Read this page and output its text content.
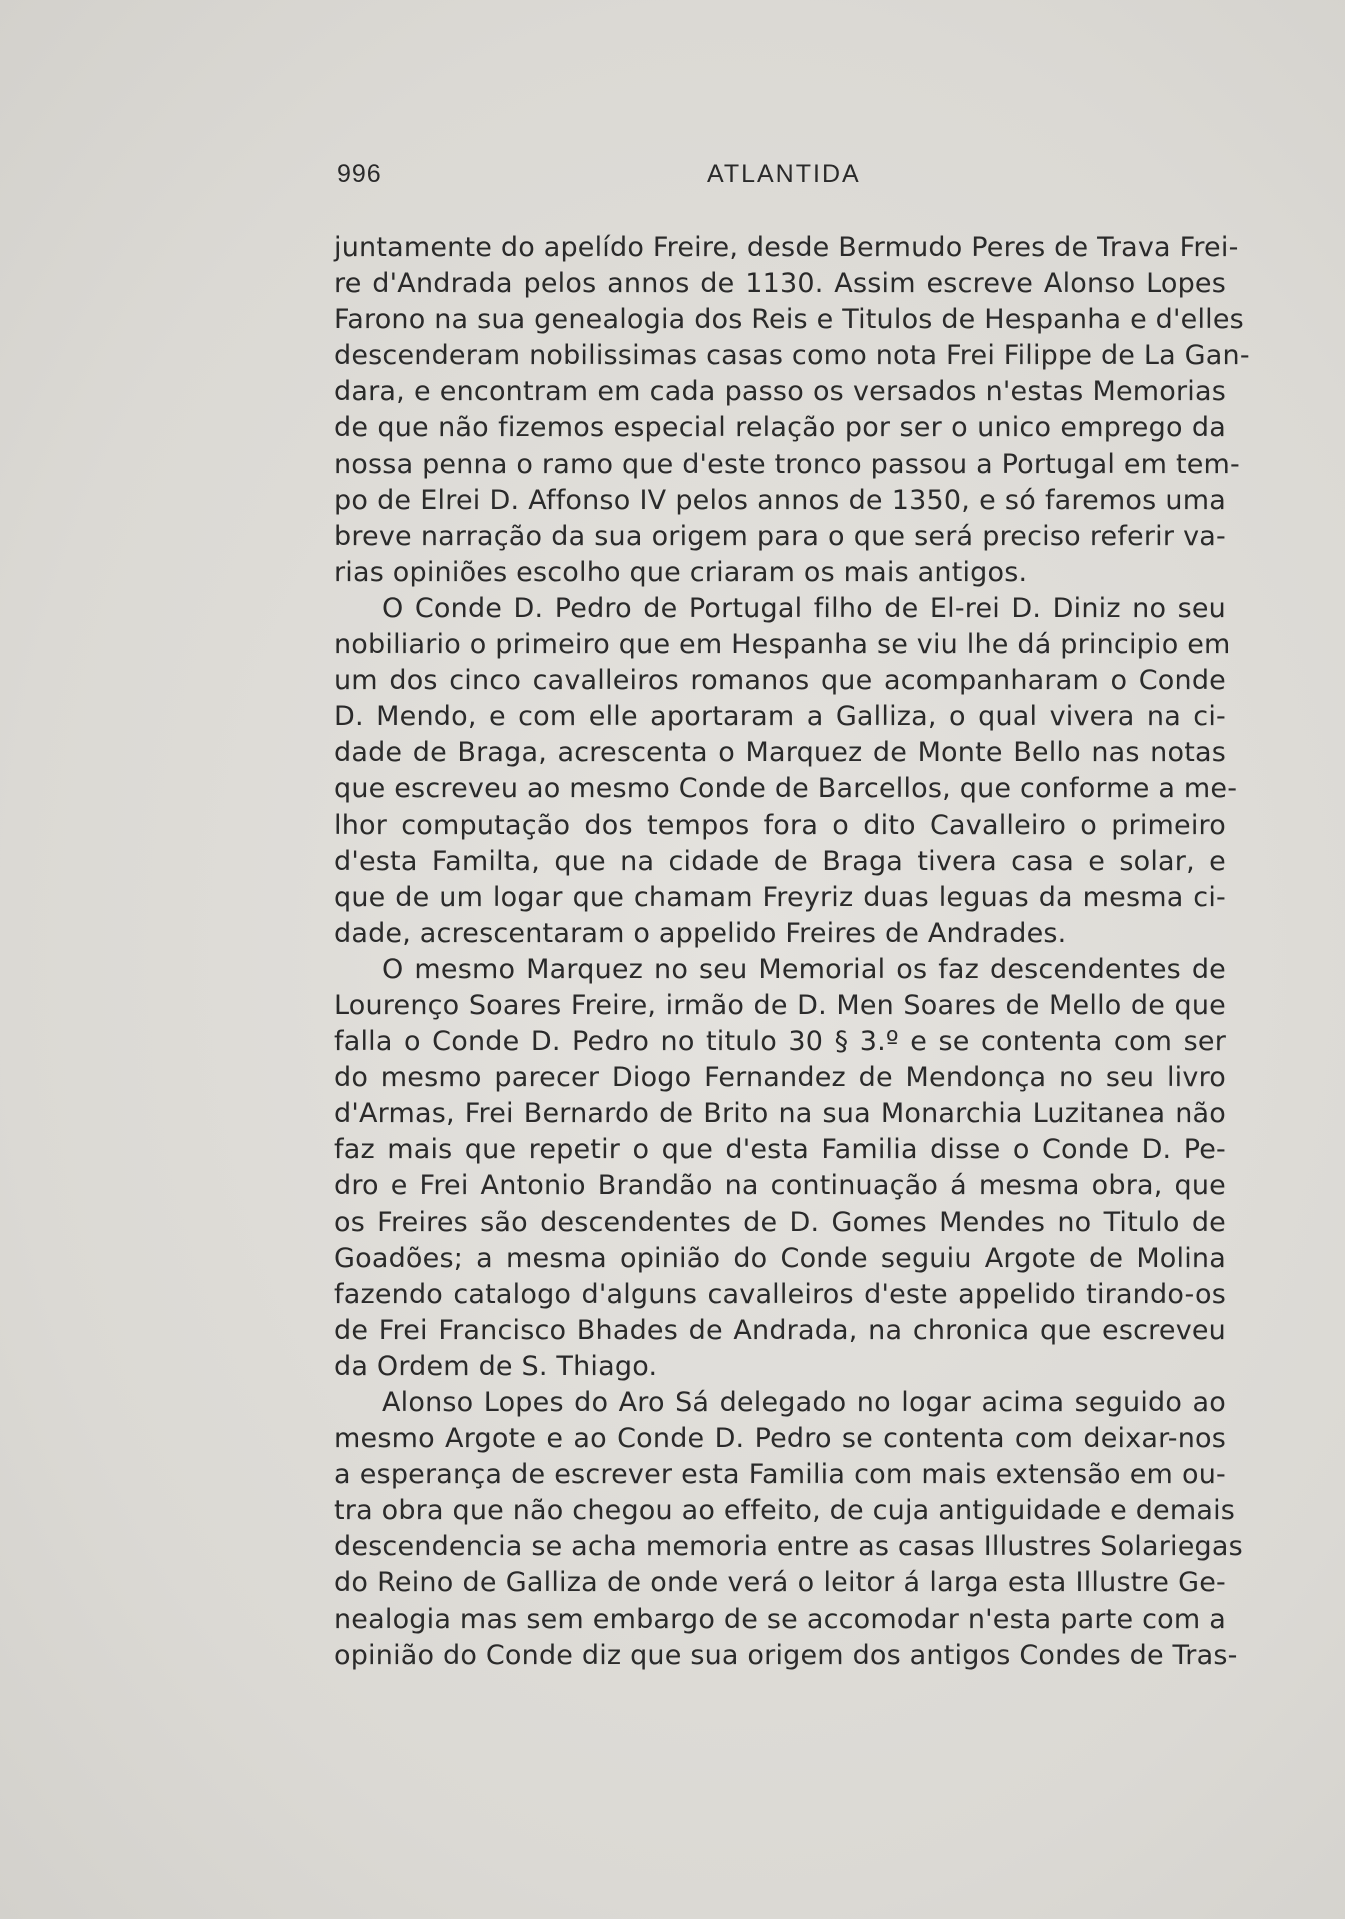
996	ATLANTIDA
juntamente do apelído Freire, desde Bermudo Peres de Trava Frei-
re d'Andrada pelos annos de 1130. Assim escreve Alonso Lopes
Farono na sua genealogia dos Reis e Titulos de Hespanha e d'elles
descenderam nobilissimas casas como nota Frei Filippe de La Gan-
dara, e encontram em cada passo os versados n'estas Memorias
de que não fizemos especial relação por ser o unico emprego da
nossa penna o ramo que d'este tronco passou a Portugal em tem-
po de Elrei D. Affonso IV pelos annos de 1350, e só faremos uma
breve narração da sua origem para o que será preciso referir va-
rias opiniões escolho que criaram os mais antigos.
O Conde D. Pedro de Portugal filho de El-rei D. Diniz no seu
nobiliario o primeiro que em Hespanha se viu lhe dá principio em
um dos cinco cavalleiros romanos que acompanharam o Conde
D. Mendo, e com elle aportaram a Galliza, o qual vivera na ci-
dade de Braga, acrescenta o Marquez de Monte Bello nas notas
que escreveu ao mesmo Conde de Barcellos, que conforme a me-
lhor computação dos tempos fora o dito Cavalleiro o primeiro
d'esta Familta, que na cidade de Braga tivera casa e solar, e
que de um logar que chamam Freyriz duas leguas da mesma ci-
dade, acrescentaram o appelido Freires de Andrades.
O mesmo Marquez no seu Memorial os faz descendentes de
Lourenço Soares Freire, irmão de D. Men Soares de Mello de que
falla o Conde D. Pedro no titulo 30 § 3.º e se contenta com ser
do mesmo parecer Diogo Fernandez de Mendonça no seu livro
d'Armas, Frei Bernardo de Brito na sua Monarchia Luzitanea não
faz mais que repetir o que d'esta Familia disse o Conde D. Pe-
dro e Frei Antonio Brandão na continuação á mesma obra, que
os Freires são descendentes de D. Gomes Mendes no Titulo de
Goadões; a mesma opinião do Conde seguiu Argote de Molina
fazendo catalogo d'alguns cavalleiros d'este appelido tirando-os
de Frei Francisco Bhades de Andrada, na chronica que escreveu
da Ordem de S. Thiago.
Alonso Lopes do Aro Sá delegado no logar acima seguido ao
mesmo Argote e ao Conde D. Pedro se contenta com deixar-nos
a esperança de escrever esta Familia com mais extensão em ou-
tra obra que não chegou ao effeito, de cuja antiguidade e demais
descendencia se acha memoria entre as casas Illustres Solariegas
do Reino de Galliza de onde verá o leitor á larga esta Illustre Ge-
nealogia mas sem embargo de se accomodar n'esta parte com a
opinião do Conde diz que sua origem dos antigos Condes de Tras-
